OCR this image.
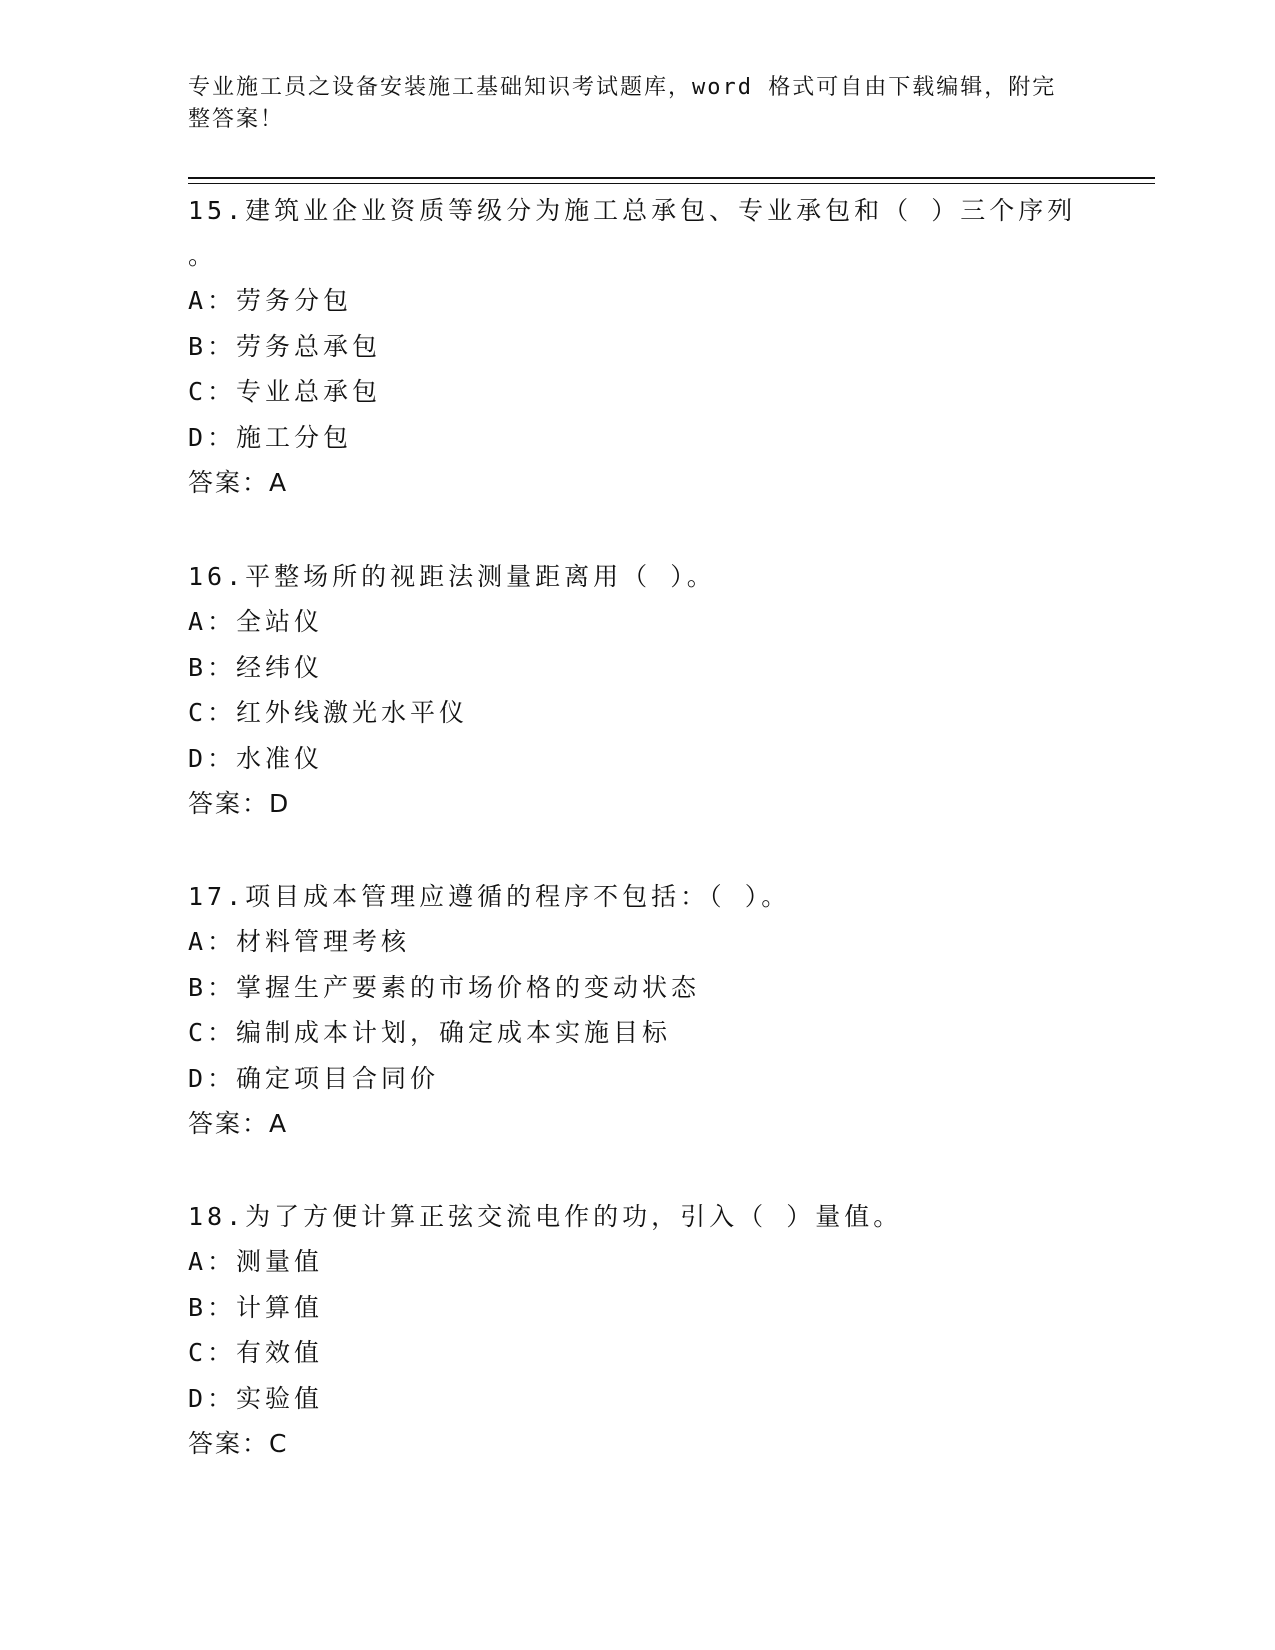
专业施工员之设备安装施工基础知识考试题库，word 格式可自由下载编辑，附完整答案！

15.建筑业企业资质等级分为施工总承包、专业承包和（ ）三个序列

。

A：劳务分包

B：劳务总承包

C：专业总承包

D：施工分包

答案：A

16.平整场所的视距法测量距离用（ ）。

A：全站仪

B：经纬仪

C：红外线激光水平仪

D：水准仪

答案：D

17.项目成本管理应遵循的程序不包括：（ ）。

A：材料管理考核

B：掌握生产要素的市场价格的变动状态

C：编制成本计划，确定成本实施目标

D：确定项目合同价

答案：A

18.为了方便计算正弦交流电作的功，引入（ ）量值。

A：测量值

B：计算值

C：有效值

D：实验值

答案：C
